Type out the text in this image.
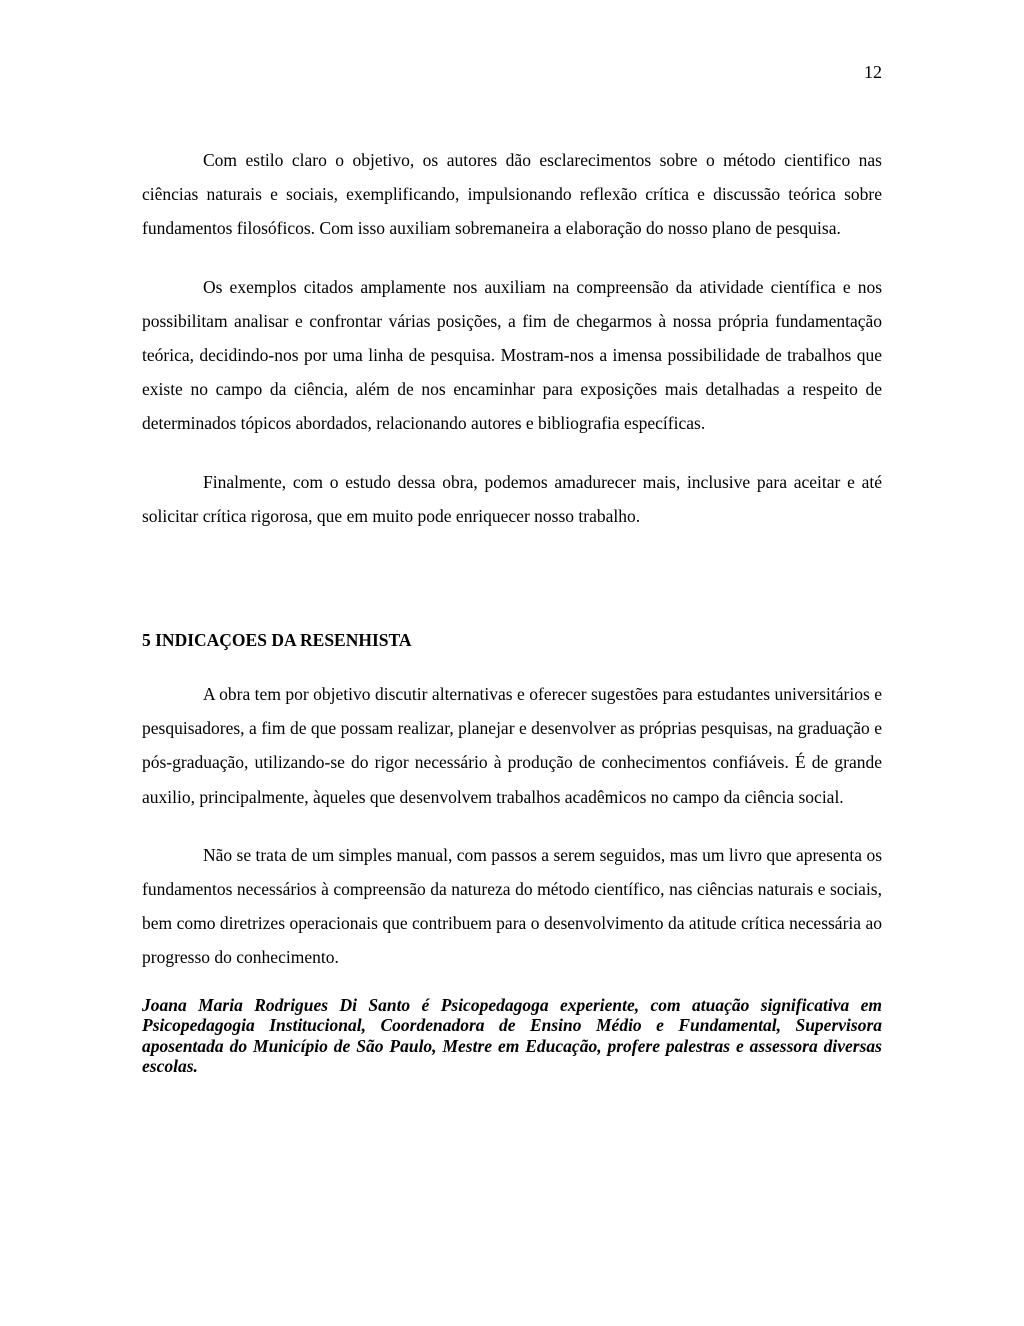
12

Com estilo claro o objetivo, os autores dão esclarecimentos sobre o método cientifico nas ciências naturais e sociais, exemplificando, impulsionando reflexão crítica e discussão teórica sobre fundamentos filosóficos. Com isso auxiliam sobremaneira a elaboração do nosso plano de pesquisa.

Os exemplos citados amplamente nos auxiliam na compreensão da atividade científica e nos possibilitam analisar e confrontar várias posições, a fim de chegarmos à nossa própria fundamentação teórica, decidindo-nos por uma linha de pesquisa. Mostram-nos a imensa possibilidade de trabalhos que existe no campo da ciência, além de nos encaminhar para exposições mais detalhadas a respeito de determinados tópicos abordados, relacionando autores e bibliografia específicas.

Finalmente, com o estudo dessa obra, podemos amadurecer mais, inclusive para aceitar e até solicitar crítica rigorosa, que em muito pode enriquecer nosso trabalho.

5 INDICAÇOES DA RESENHISTA

A obra tem por objetivo discutir alternativas e oferecer sugestões para estudantes universitários e pesquisadores, a fim de que possam realizar, planejar e desenvolver as próprias pesquisas, na graduação e pós-graduação, utilizando-se do rigor necessário à produção de conhecimentos confiáveis. É de grande auxilio, principalmente, àqueles que desenvolvem trabalhos acadêmicos no campo da ciência social.

Não se trata de um simples manual, com passos a serem seguidos, mas um livro que apresenta os fundamentos necessários à compreensão da natureza do método científico, nas ciências naturais e sociais, bem como diretrizes operacionais que contribuem para o desenvolvimento da atitude crítica necessária ao progresso do conhecimento.

Joana Maria Rodrigues Di Santo é Psicopedagoga experiente, com atuação significativa em Psicopedagogia Institucional, Coordenadora de Ensino Médio e Fundamental, Supervisora aposentada do Município de São Paulo, Mestre em Educação, profere palestras e assessora diversas escolas.
